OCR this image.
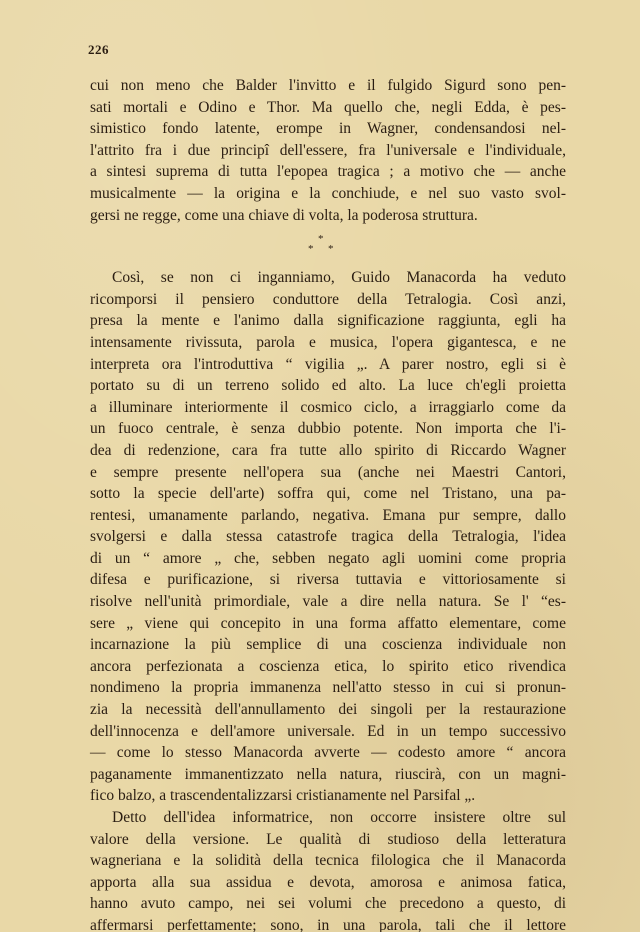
226
cui non meno che Balder l'invitto e il fulgido Sigurd sono pen-
sati mortali e Odino e Thor. Ma quello che, negli Edda, è pes-
simistico fondo latente, erompe in Wagner, condensandosi nel-
l'attrito fra i due principî dell'essere, fra l'universale e l'individuale,
a sintesi suprema di tutta l'epopea tragica ; a motivo che — anche
musicalmente — la origina e la conchiude, e nel suo vasto svol-
gersi ne regge, come una chiave di volta, la poderosa struttura.
*
* *
Così, se non ci inganniamo, Guido Manacorda ha veduto
ricomporsi il pensiero conduttore della Tetralogia. Così anzi,
presa la mente e l'animo dalla significazione raggiunta, egli ha
intensamente rivissuta, parola e musica, l'opera gigantesca, e ne
interpreta ora l'introduttiva “ vigilia „. A parer nostro, egli si è
portato su di un terreno solido ed alto. La luce ch'egli proietta
a illuminare interiormente il cosmico ciclo, a irraggiarlo come da
un fuoco centrale, è senza dubbio potente. Non importa che l'i-
dea di redenzione, cara fra tutte allo spirito di Riccardo Wagner
e sempre presente nell'opera sua (anche nei Maestri Cantori,
sotto la specie dell'arte) soffra qui, come nel Tristano, una pa-
rentesi, umanamente parlando, negativa. Emana pur sempre, dallo
svolgersi e dalla stessa catastrofe tragica della Tetralogia, l'idea
di un “ amore „ che, sebben negato agli uomini come propria
difesa e purificazione, si riversa tuttavia e vittoriosamente si
risolve nell'unità primordiale, vale a dire nella natura. Se l' “es-
sere „ viene qui concepito in una forma affatto elementare, come
incarnazione la più semplice di una coscienza individuale non
ancora perfezionata a coscienza etica, lo spirito etico rivendica
nondimeno la propria immanenza nell'atto stesso in cui si pronun-
zia la necessità dell'annullamento dei singoli per la restaurazione
dell'innocenza e dell'amore universale. Ed in un tempo successivo
— come lo stesso Manacorda avverte — codesto amore “ ancora
paganamente immanentizzato nella natura, riuscirà, con un magni-
fico balzo, a trascendentalizzarsi cristianamente nel Parsifal „.
Detto dell'idea informatrice, non occorre insistere oltre sul
valore della versione. Le qualità di studioso della letteratura
wagneriana e la solidità della tecnica filologica che il Manacorda
apporta alla sua assidua e devota, amorosa e animosa fatica,
hanno avuto campo, nei sei volumi che precedono a questo, di
affermarsi perfettamente; sono, in una parola, tali che il lettore
